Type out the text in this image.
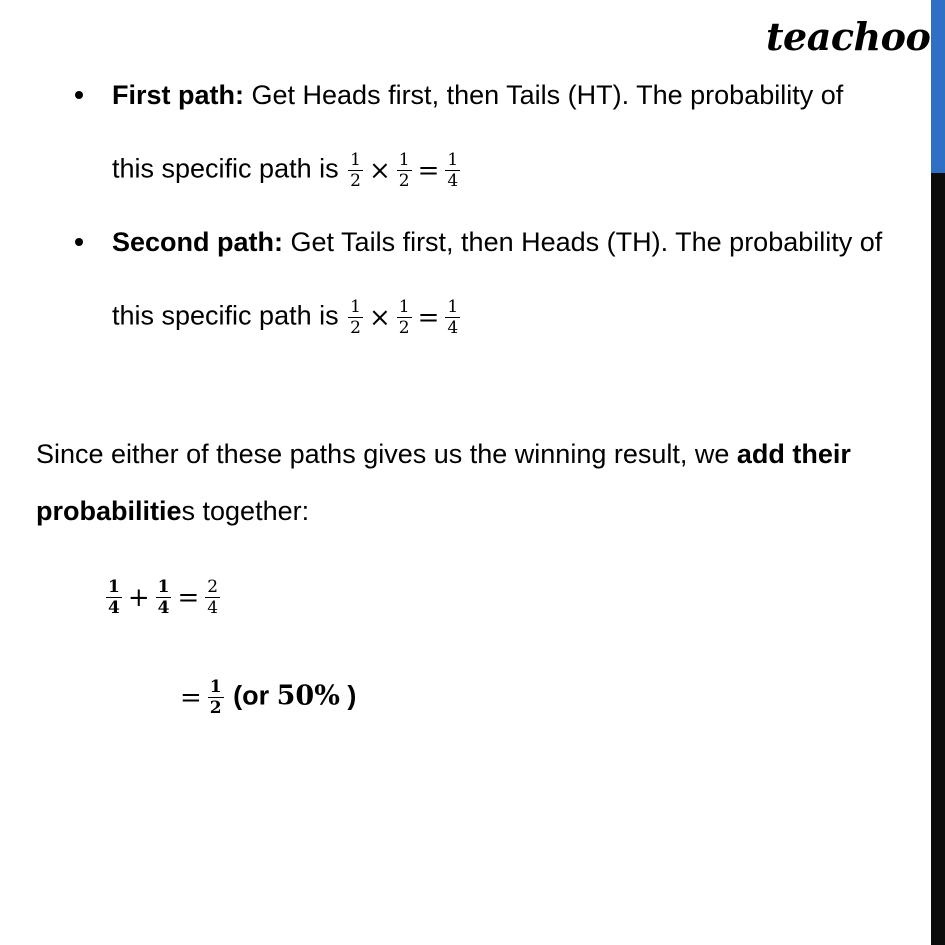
teachoo
First path: Get Heads first, then Tails (HT). The probability of
this specific path is $\frac{1}{2} \times \frac{1}{2} = \frac{1}{4}$
Second path: Get Tails first, then Heads (TH). The probability of
this specific path is $\frac{1}{2} \times \frac{1}{2} = \frac{1}{4}$
Since either of these paths gives us the winning result, we add their
probabilities together:
$\frac{1}{4} + \frac{1}{4} = \frac{2}{4}$
= $\frac{1}{2} (or$ 50% )
